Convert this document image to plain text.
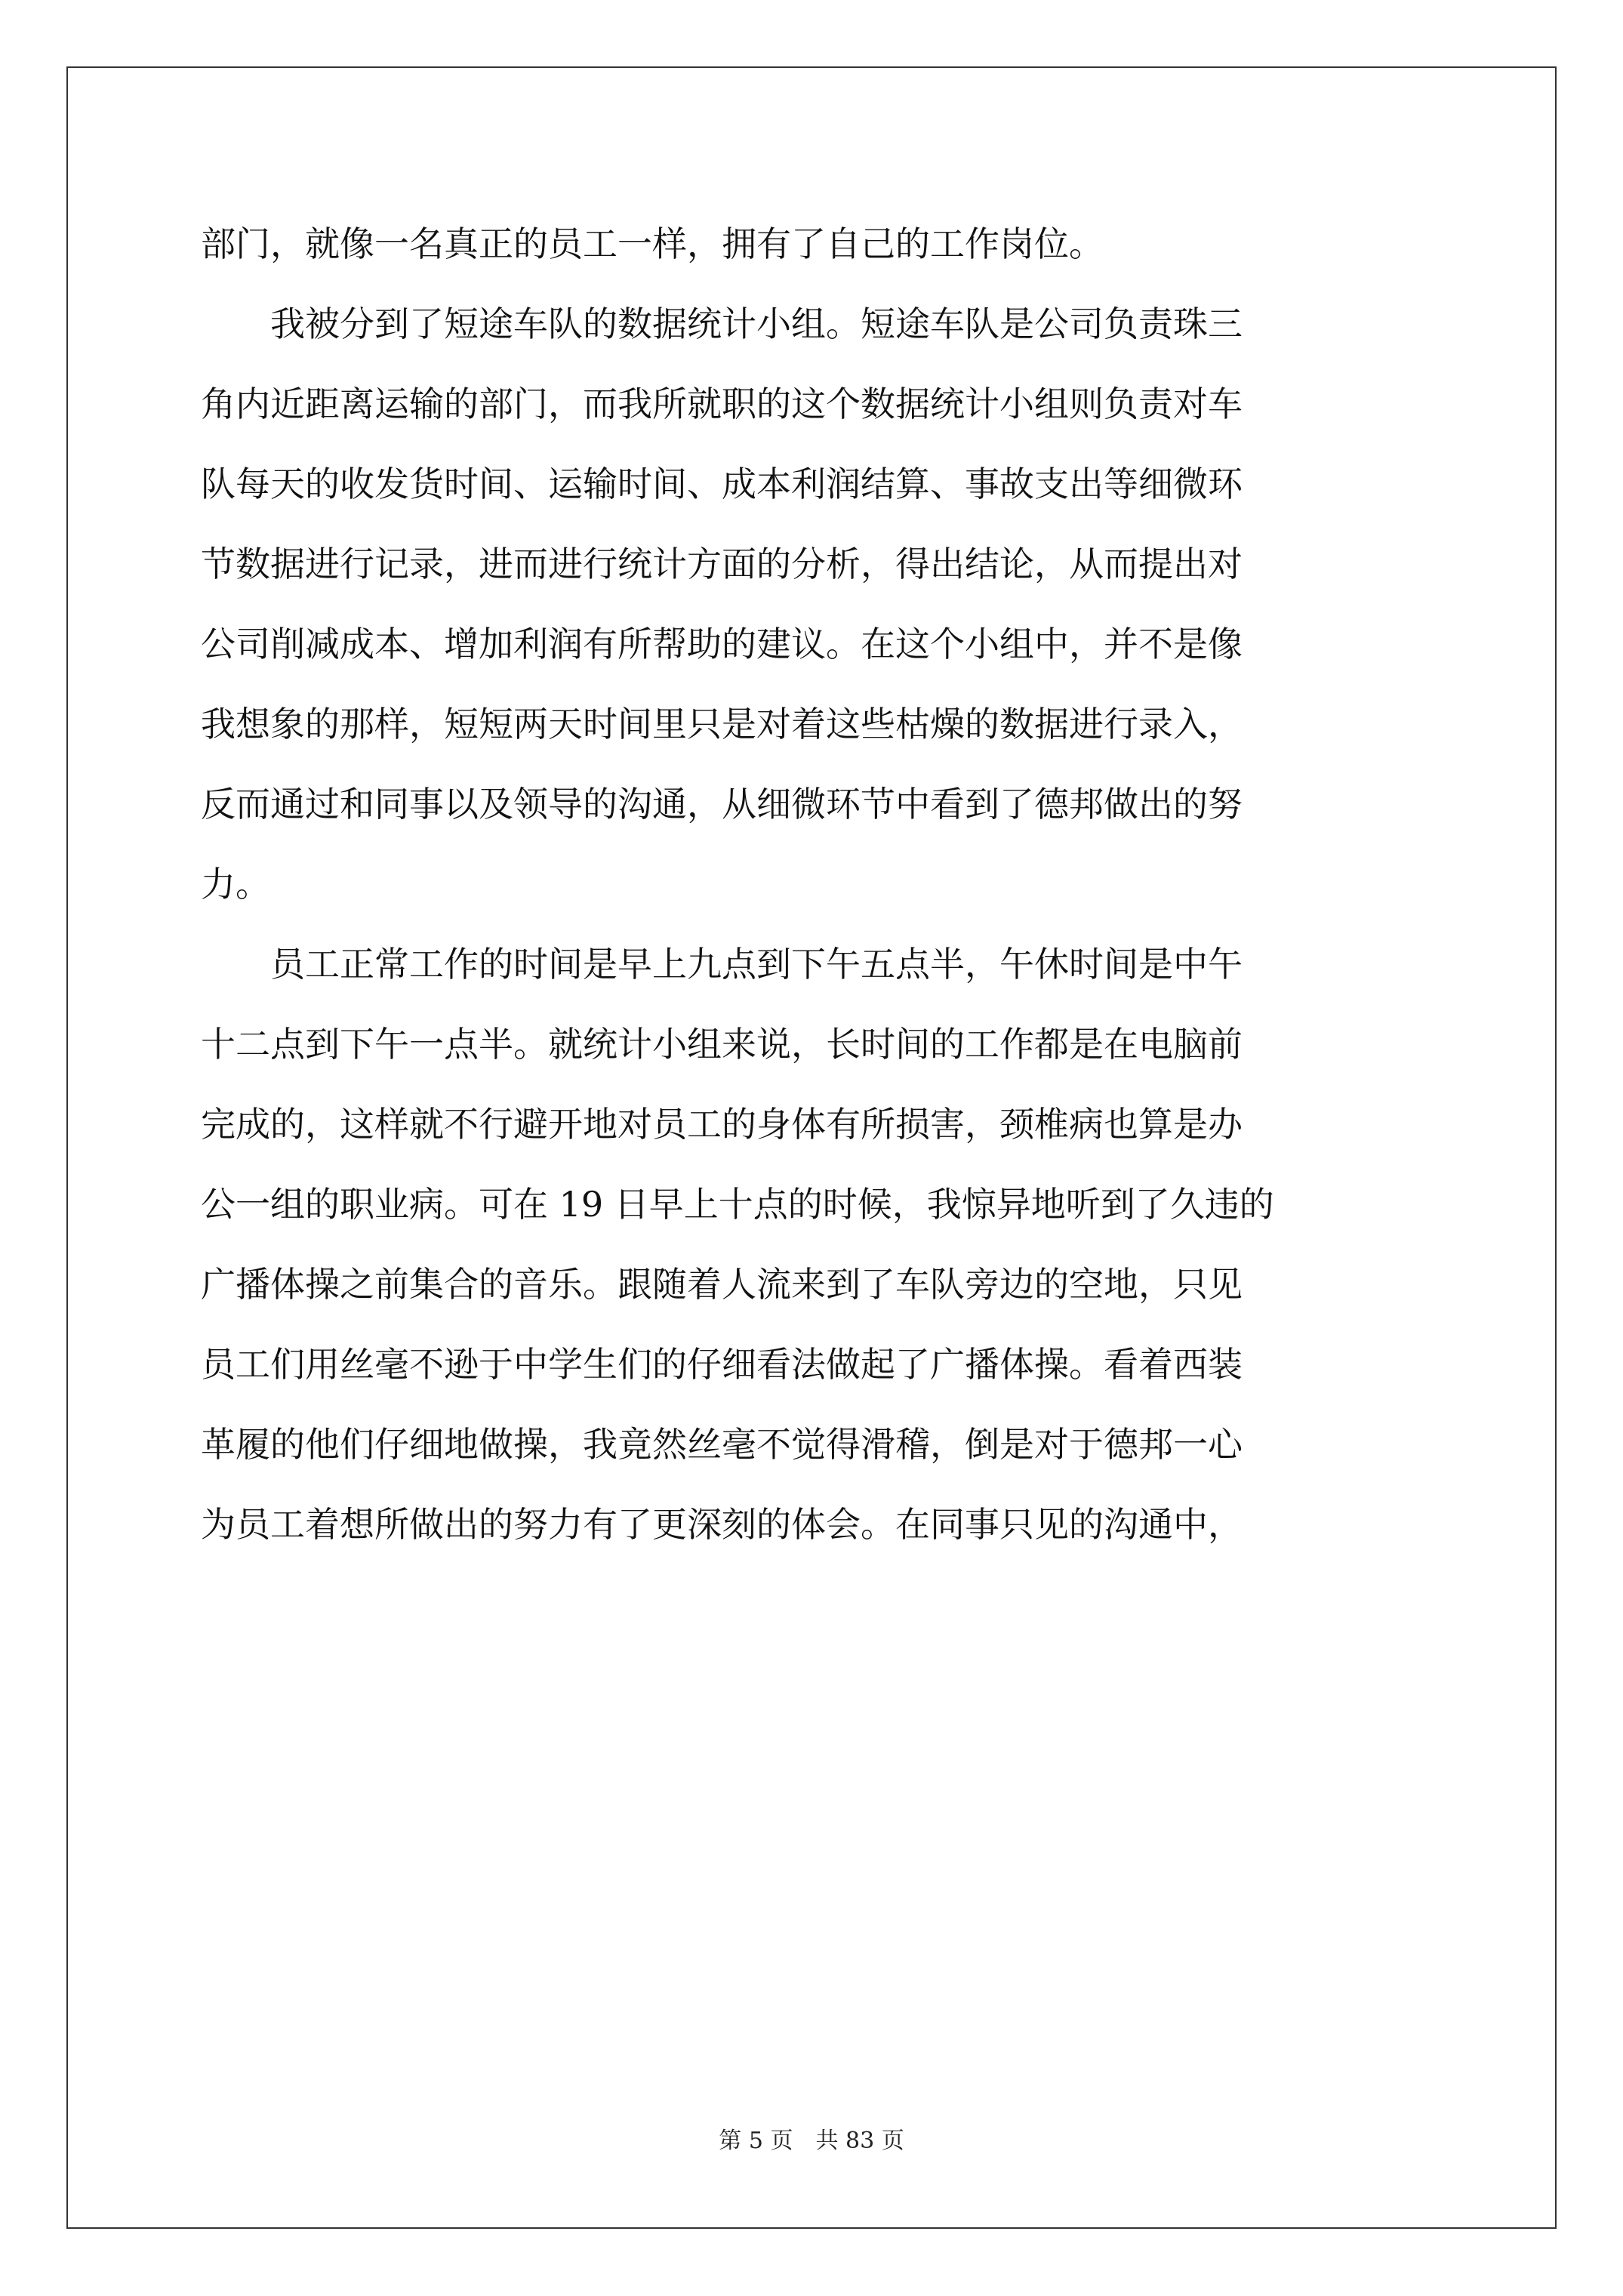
部门，就像一名真正的员工一样，拥有了自己的工作岗位。
　　我被分到了短途车队的数据统计小组。短途车队是公司负责珠三
角内近距离运输的部门，而我所就职的这个数据统计小组则负责对车
队每天的收发货时间、运输时间、成本利润结算、事故支出等细微环
节数据进行记录，进而进行统计方面的分析，得出结论，从而提出对
公司削减成本、增加利润有所帮助的建议。在这个小组中，并不是像
我想象的那样，短短两天时间里只是对着这些枯燥的数据进行录入，
反而通过和同事以及领导的沟通，从细微环节中看到了德邦做出的努
力。
　　员工正常工作的时间是早上九点到下午五点半，午休时间是中午
十二点到下午一点半。就统计小组来说，长时间的工作都是在电脑前
完成的，这样就不行避开地对员工的身体有所损害，颈椎病也算是办
公一组的职业病。可在 19 日早上十点的时候，我惊异地听到了久违的
广播体操之前集合的音乐。跟随着人流来到了车队旁边的空地，只见
员工们用丝毫不逊于中学生们的仔细看法做起了广播体操。看着西装
革履的他们仔细地做操，我竟然丝毫不觉得滑稽，倒是对于德邦一心
为员工着想所做出的努力有了更深刻的体会。在同事只见的沟通中，
第 5 页　共 83 页
